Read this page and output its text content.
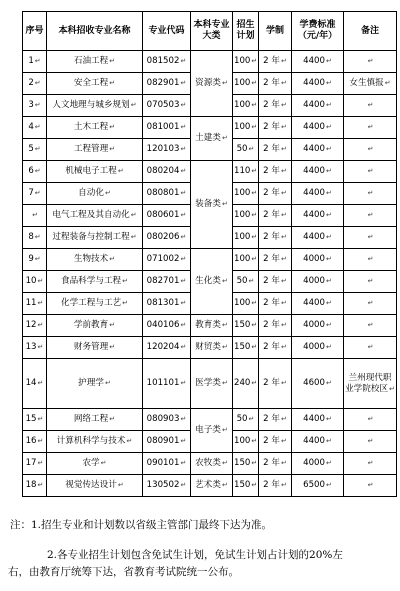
序号	本科招收专业名称	专业代码	本科专业大类	招生计划	学制	学费标准（元/年）	备注
1↵	石油工程↵	081502↵	资源类↵	100↵	2 年↵	4400↵	↵
2↵	安全工程↵	082901↵		100↵	2 年↵	4400↵	女生慎报↵
3↵	人文地理与城乡规划↵	070503↵		100↵	2 年↵	4400↵	↵
4↵	土木工程↵	081001↵	土建类↵	100↵	2 年↵	4400↵	↵
5↵	工程管理↵	120103↵		50↵	2 年↵	4400↵	↵
6↵	机械电子工程↵	080204↵	装备类↵	110↵	2 年↵	4400↵	↵
7↵	自动化↵	080801↵		100↵	2 年↵	4400↵	↵
↵	电气工程及其自动化↵	080601↵		100↵	2 年↵	4400↵	↵
8↵	过程装备与控制工程↵	080206↵		100↵	2 年↵	4400↵	↵
9↵	生物技术↵	071002↵	生化类↵	100↵	2 年↵	4000↵	↵
10↵	食品科学与工程↵	082701↵		50↵	2 年↵	4000↵	↵
11↵	化学工程与工艺↵	081301↵		100↵	2 年↵	4400↵	↵
12↵	学前教育↵	040106↵	教育类↵	150↵	2 年↵	4000↵	↵
13↵	财务管理↵	120204↵	财贸类↵	150↵	2 年↵	4000↵	↵
14↵	护理学↵	101101↵	医学类↵	240↵	2 年↵	4600↵	兰州现代职业学院校区↵
15↵	网络工程↵	080903↵	电子类↵	50↵	2 年↵	4400↵	↵
16↵	计算机科学与技术↵	080901↵		100↵	2 年↵	4400↵	↵
17↵	农学↵	090101↵	农牧类↵	150↵	2 年↵	4000↵	↵
18↵	视觉传达设计↵	130502↵	艺术类↵	150↵	2 年↵	6500↵	↵
注：1.招生专业和计划数以省级主管部门最终下达为准。
2.各专业招生计划包含免试生计划，免试生计划占计划的20%左
右，由教育厅统筹下达，省教育考试院统一公布。
